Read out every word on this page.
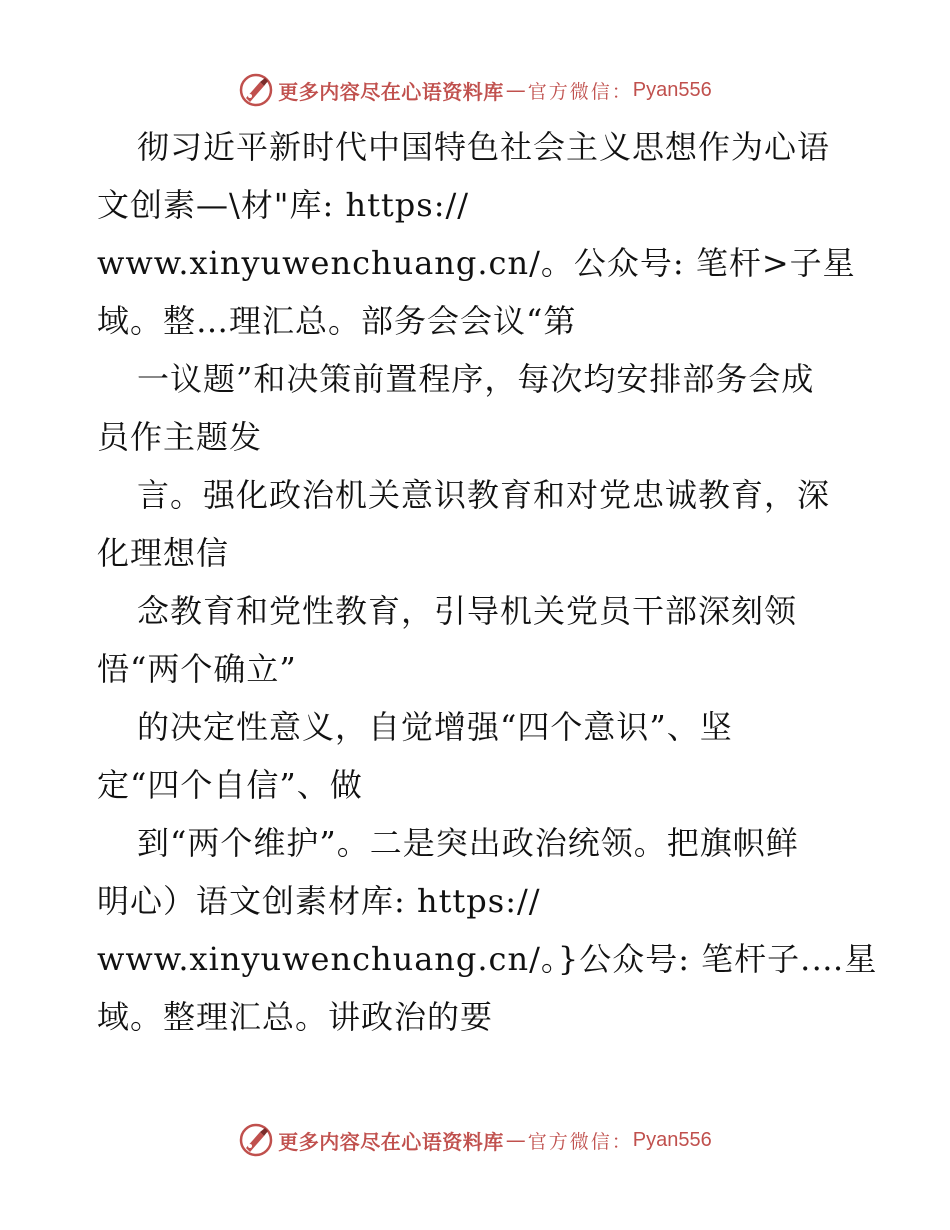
更多内容尽在心语资料库 — 官方微信： Pyan556
彻习近平新时代中国特色社会主义思想作为心语
文创素—\材"库: https://
www.xinyuwenchuang.cn/。公众号: 笔杆>子星
域。整…理汇总。部务会会议“第
一议题”和决策前置程序，每次均安排部务会成
员作主题发
言。强化政治机关意识教育和对党忠诚教育，深
化理想信
念教育和党性教育，引导机关党员干部深刻领
悟“两个确立”
的决定性意义，自觉增强“四个意识”、坚
定“四个自信”、做
到“两个维护”。二是突出政治统领。把旗帜鲜
明心）语文创素材库: https://
www.xinyuwenchuang.cn/。}公众号: 笔杆子.…星
域。整理汇总。讲政治的要
更多内容尽在心语资料库 — 官方微信： Pyan556
